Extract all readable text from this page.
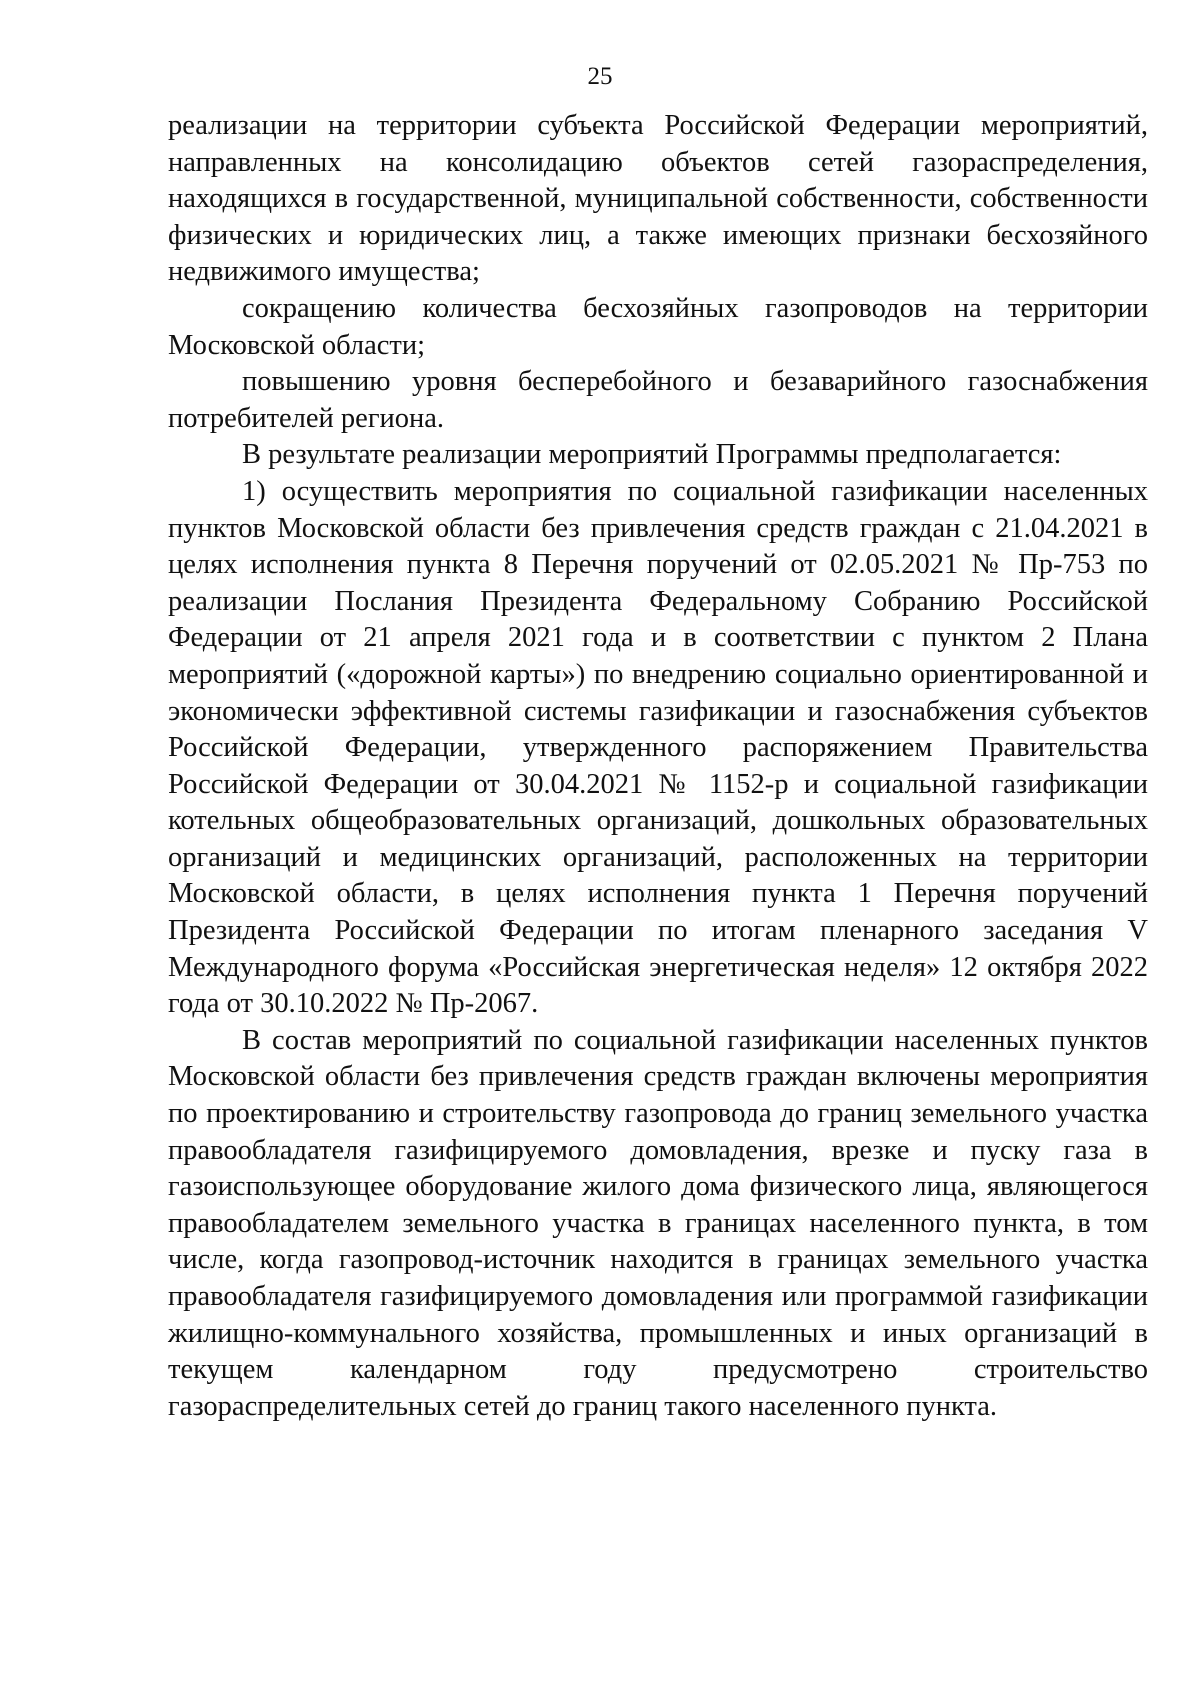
25

реализации на территории субъекта Российской Федерации мероприятий, направленных на консолидацию объектов сетей газораспределения, находящихся в государственной, муниципальной собственности, собственности физических и юридических лиц, а также имеющих признаки бесхозяйного недвижимого имущества;

сокращению количества бесхозяйных газопроводов на территории Московской области;

повышению уровня бесперебойного и безаварийного газоснабжения потребителей региона.

В результате реализации мероприятий Программы предполагается:

1) осуществить мероприятия по социальной газификации населенных пунктов Московской области без привлечения средств граждан с 21.04.2021 в целях исполнения пункта 8 Перечня поручений от 02.05.2021 № Пр-753 по реализации Послания Президента Федеральному Собранию Российской Федерации от 21 апреля 2021 года и в соответствии с пунктом 2 Плана мероприятий («дорожной карты») по внедрению социально ориентированной и экономически эффективной системы газификации и газоснабжения субъектов Российской Федерации, утвержденного распоряжением Правительства Российской Федерации от 30.04.2021 № 1152-р и социальной газификации котельных общеобразовательных организаций, дошкольных образовательных организаций и медицинских организаций, расположенных на территории Московской области, в целях исполнения пункта 1 Перечня поручений Президента Российской Федерации по итогам пленарного заседания V Международного форума «Российская энергетическая неделя» 12 октября 2022 года от 30.10.2022 № Пр-2067.

В состав мероприятий по социальной газификации населенных пунктов Московской области без привлечения средств граждан включены мероприятия по проектированию и строительству газопровода до границ земельного участка правообладателя газифицируемого домовладения, врезке и пуску газа в газоиспользующее оборудование жилого дома физического лица, являющегося правообладателем земельного участка в границах населенного пункта, в том числе, когда газопровод-источник находится в границах земельного участка правообладателя газифицируемого домовладения или программой газификации жилищно-коммунального хозяйства, промышленных и иных организаций в текущем календарном году предусмотрено строительство газораспределительных сетей до границ такого населенного пункта.
